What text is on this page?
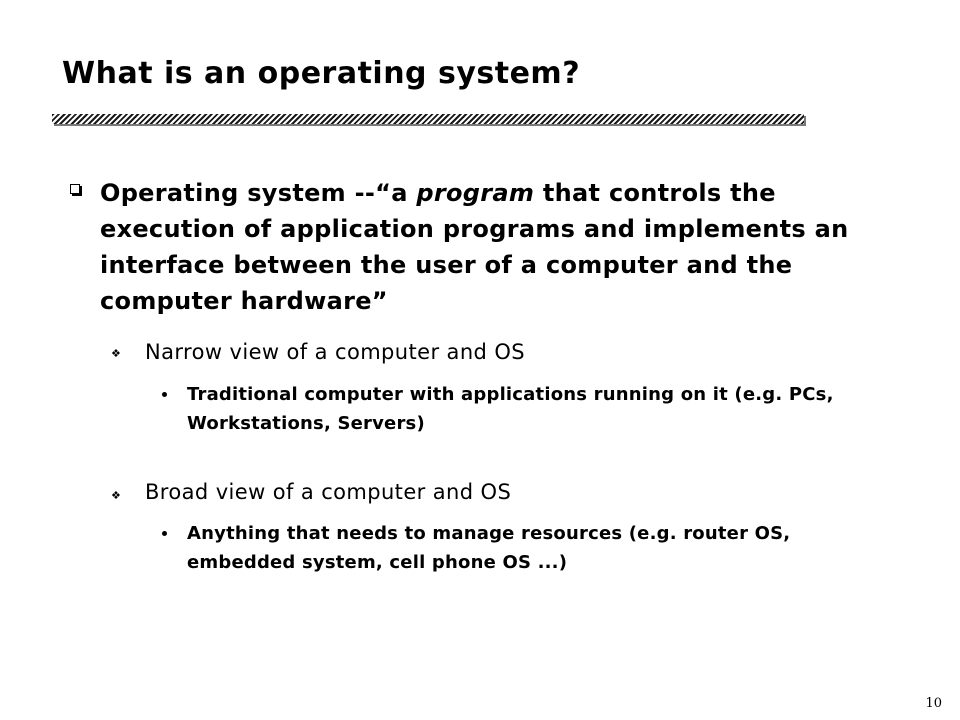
What is an operating system?
Operating system --“a program that controls the execution of application programs and implements an interface between the user of a computer and the computer hardware”
❖ Narrow view of a computer and OS
Traditional computer with applications running on it (e.g. PCs, Workstations, Servers)
❖ Broad view of a computer and OS
Anything that needs to manage resources (e.g. router OS, embedded system, cell phone OS ...)
10
